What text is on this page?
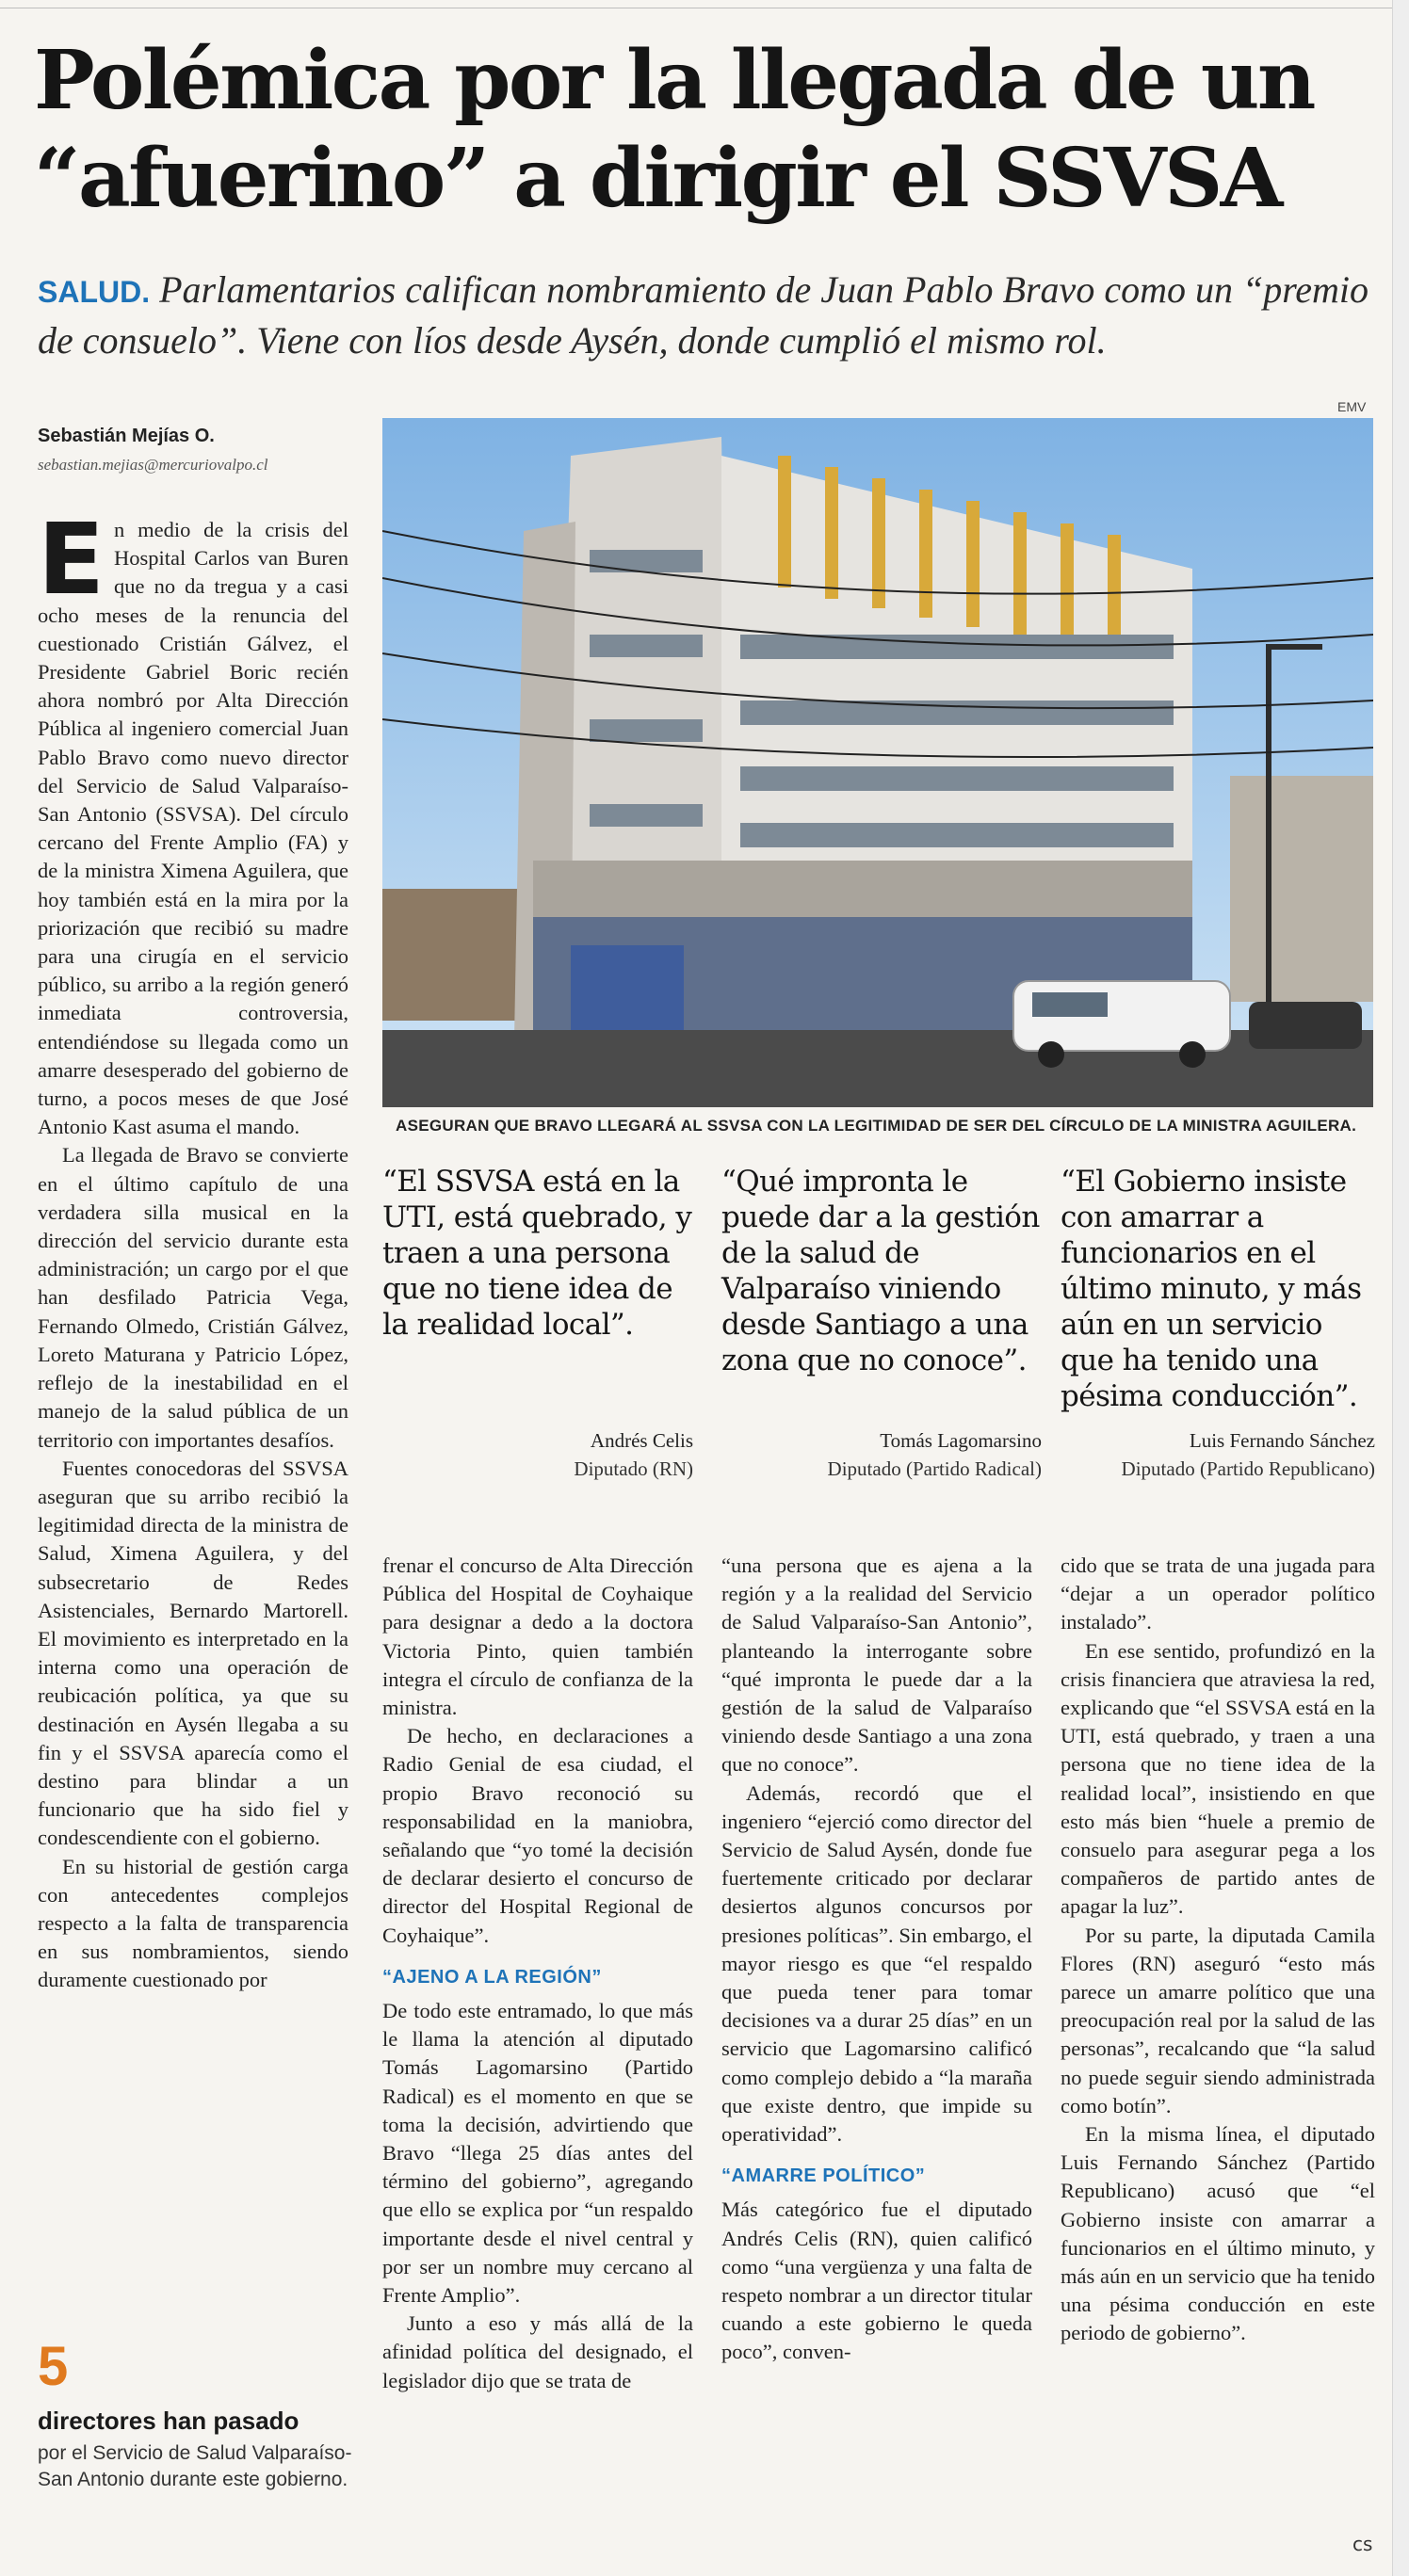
Polémica por la llegada de un
“afuerino” a dirigir el SSVSA
SALUD. Parlamentarios califican nombramiento de Juan Pablo Bravo como un “premio de consuelo”. Viene con líos desde Aysén, donde cumplió el mismo rol.
Sebastián Mejías O.
sebastian.mejias@mercuriovalpo.cl

En medio de la crisis del Hospital Carlos van Buren que no da tregua y a casi ocho meses de la renuncia del cuestionado Cristián Gálvez, el Presidente Gabriel Boric recién ahora nombró por Alta Dirección Pública al ingeniero comercial Juan Pablo Bravo como nuevo director del Servicio de Salud Valparaíso-San Antonio (SSVSA). Del círculo cercano del Frente Amplio (FA) y de la ministra Ximena Aguilera, que hoy también está en la mira por la priorización que recibió su madre para una cirugía en el servicio público, su arribo a la región generó inmediata controversia, entendiéndose su llegada como un amarre desesperado del gobierno de turno, a pocos meses de que José Antonio Kast asuma el mando.

La llegada de Bravo se convierte en el último capítulo de una verdadera silla musical en la dirección del servicio durante esta administración; un cargo por el que han desfilado Patricia Vega, Fernando Olmedo, Cristián Gálvez, Loreto Maturana y Patricio López, reflejo de la inestabilidad en el manejo de la salud pública de un territorio con importantes desafíos.

Fuentes conocedoras del SSVSA aseguran que su arribo recibió la legitimidad directa de la ministra de Salud, Ximena Aguilera, y del subsecretario de Redes Asistenciales, Bernardo Martorell. El movimiento es interpretado en la interna como una operación de reubicación política, ya que su destinación en Aysén llegaba a su fin y el SSVSA aparecía como el destino para blindar a un funcionario que ha sido fiel y condescendiente con el gobierno.

En su historial de gestión carga con antecedentes complejos respecto a la falta de transparencia en sus nombramientos, siendo duramente cuestionado por

5
directores han pasado
por el Servicio de Salud Valparaíso-San Antonio durante este gobierno.
EMV
ASEGURAN QUE BRAVO LLEGARÁ AL SSVSA CON LA LEGITIMIDAD DE SER DEL CÍRCULO DE LA MINISTRA AGUILERA.
“El SSVSA está en la UTI, está quebrado, y traen a una persona que no tiene idea de la realidad local”.
Andrés Celis
Diputado (RN)
“Qué impronta le puede dar a la gestión de la salud de Valparaíso viniendo desde Santiago a una zona que no conoce”.
Tomás Lagomarsino
Diputado (Partido Radical)
“El Gobierno insiste con amarrar a funcionarios en el último minuto, y más aún en un servicio que ha tenido una pésima conducción”.
Luis Fernando Sánchez
Diputado (Partido Republicano)

frenar el concurso de Alta Dirección Pública del Hospital de Coyhaique para designar a dedo a la doctora Victoria Pinto, quien también integra el círculo de confianza de la ministra.

De hecho, en declaraciones a Radio Genial de esa ciudad, el propio Bravo reconoció su responsabilidad en la maniobra, señalando que “yo tomé la decisión de declarar desierto el concurso de director del Hospital Regional de Coyhaique”.

“AJENO A LA REGIÓN”

De todo este entramado, lo que más le llama la atención al diputado Tomás Lagomarsino (Partido Radical) es el momento en que se toma la decisión, advirtiendo que Bravo “llega 25 días antes del término del gobierno”, agregando que ello se explica por “un respaldo importante desde el nivel central y por ser un nombre muy cercano al Frente Amplio”.

Junto a eso y más allá de la afinidad política del designado, el legislador dijo que se trata de

“una persona que es ajena a la región y a la realidad del Servicio de Salud Valparaíso-San Antonio”, planteando la interrogante sobre “qué impronta le puede dar a la gestión de la salud de Valparaíso viniendo desde Santiago a una zona que no conoce”.

Además, recordó que el ingeniero “ejerció como director del Servicio de Salud Aysén, donde fue fuertemente criticado por declarar desiertos algunos concursos por presiones políticas”. Sin embargo, el mayor riesgo es que “el respaldo que pueda tener para tomar decisiones va a durar 25 días” en un servicio que Lagomarsino calificó como complejo debido a “la maraña que existe dentro, que impide su operatividad”.

“AMARRE POLÍTICO”

Más categórico fue el diputado Andrés Celis (RN), quien calificó como “una vergüenza y una falta de respeto nombrar a un director titular cuando a este gobierno le queda poco”, conven-

cido que se trata de una jugada para “dejar a un operador político instalado”.

En ese sentido, profundizó en la crisis financiera que atraviesa la red, explicando que “el SSVSA está en la UTI, está quebrado, y traen a una persona que no tiene idea de la realidad local”, insistiendo en que esto más bien “huele a premio de consuelo para asegurar pega a los compañeros de partido antes de apagar la luz”.

Por su parte, la diputada Camila Flores (RN) aseguró “esto más parece un amarre político que una preocupación real por la salud de las personas”, recalcando que “la salud no puede seguir siendo administrada como botín”.

En la misma línea, el diputado Luis Fernando Sánchez (Partido Republicano) acusó que “el Gobierno insiste con amarrar a funcionarios en el último minuto, y más aún en un servicio que ha tenido una pésima conducción en este periodo de gobierno”.

cs
